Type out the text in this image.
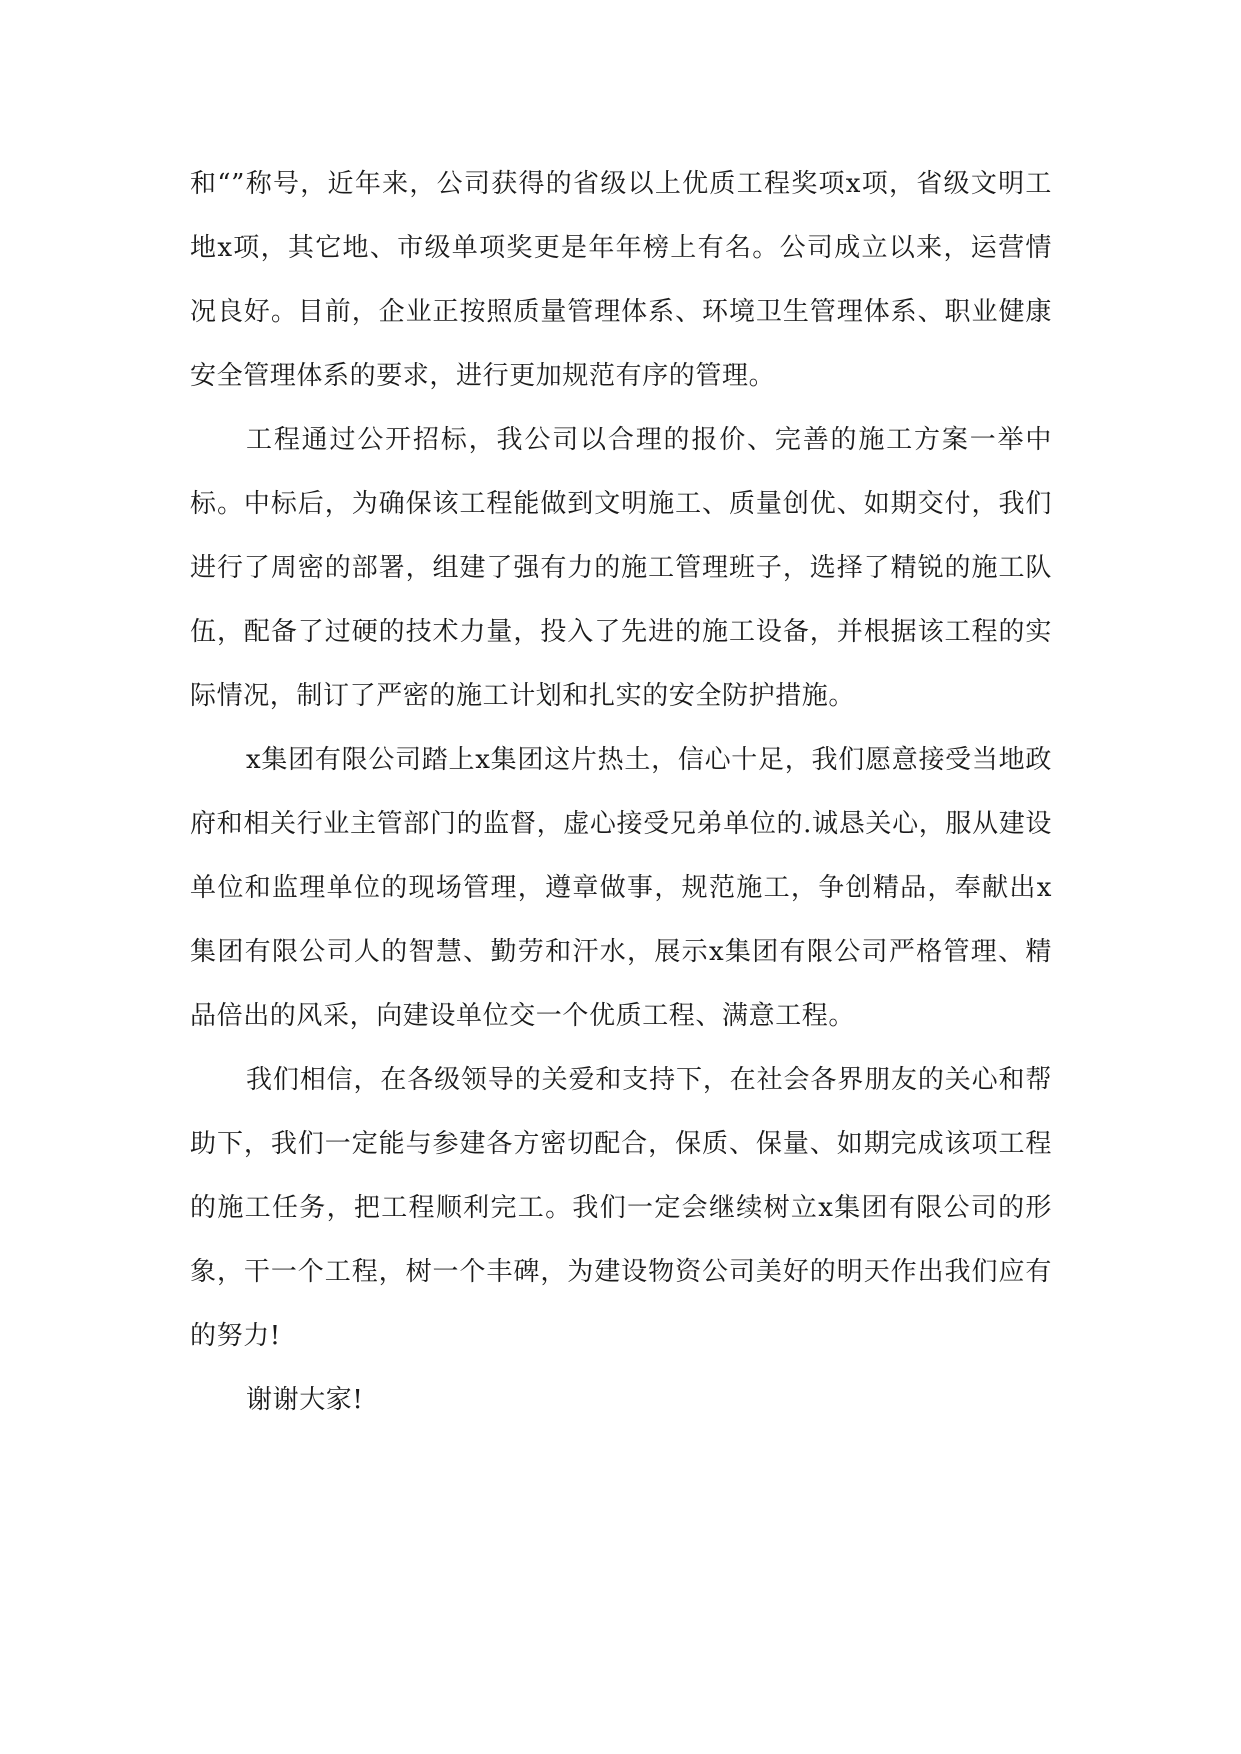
和“”称号，近年来，公司获得的省级以上优质工程奖项x项，省级文明工地x项，其它地、市级单项奖更是年年榜上有名。公司成立以来，运营情况良好。目前，企业正按照质量管理体系、环境卫生管理体系、职业健康安全管理体系的要求，进行更加规范有序的管理。

工程通过公开招标，我公司以合理的报价、完善的施工方案一举中标。中标后，为确保该工程能做到文明施工、质量创优、如期交付，我们进行了周密的部署，组建了强有力的施工管理班子，选择了精锐的施工队伍，配备了过硬的技术力量，投入了先进的施工设备，并根据该工程的实际情况，制订了严密的施工计划和扎实的安全防护措施。

x集团有限公司踏上x集团这片热土，信心十足，我们愿意接受当地政府和相关行业主管部门的监督，虚心接受兄弟单位的.诚恳关心，服从建设单位和监理单位的现场管理，遵章做事，规范施工，争创精品，奉献出x集团有限公司人的智慧、勤劳和汗水，展示x集团有限公司严格管理、精品倍出的风采，向建设单位交一个优质工程、满意工程。

我们相信，在各级领导的关爱和支持下，在社会各界朋友的关心和帮助下，我们一定能与参建各方密切配合，保质、保量、如期完成该项工程的施工任务，把工程顺利完工。我们一定会继续树立x集团有限公司的形象，干一个工程，树一个丰碑，为建设物资公司美好的明天作出我们应有的努力!

谢谢大家!
